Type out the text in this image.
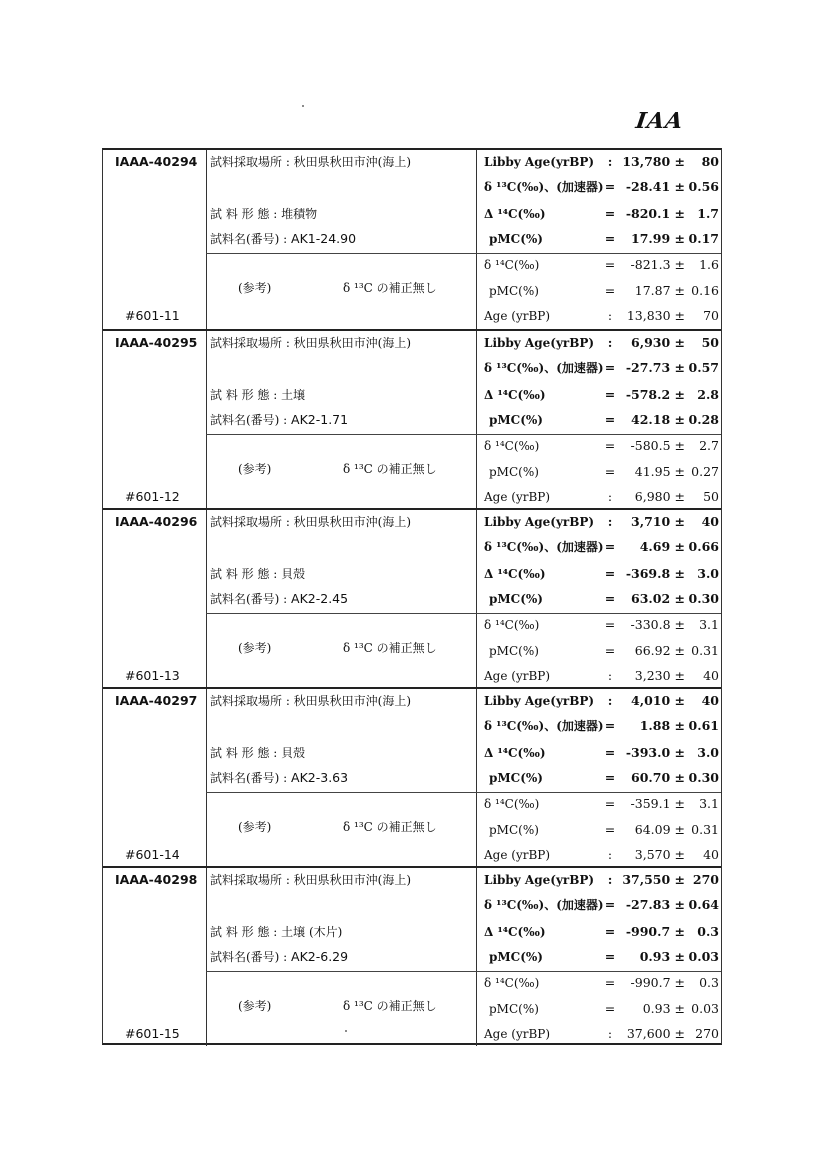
IAA
IAAA-40294
#601-11
試料採取場所 : 秋田県秋田市沖(海上)
試 料 形 態 : 堆積物
試料名(番号) : AK1-24.90
(参考)	δ ¹³C の補正無し
Libby Age(yrBP)	: 13,780 ± 80
δ ¹³C(‰)、(加速器) = -28.41 ± 0.56
Δ ¹⁴C(‰)	= -820.1 ± 1.7
pMC(%)	= 17.99 ± 0.17
δ ¹⁴C(‰)	= -821.3 ± 1.6
pMC(%)	= 17.87 ± 0.16
Age (yrBP)	:	13,830 ± 70
IAAA-40295
#601-12
試料採取場所 : 秋田県秋田市沖(海上)
試 料 形 態 : 土壌
試料名(番号) : AK2-1.71
(参考)	δ ¹³C の補正無し
Libby Age(yrBP)	:	6,930 ± 50
δ ¹³C(‰)、(加速器) = -27.73 ± 0.57
Δ ¹⁴C(‰)	= -578.2 ± 2.8
pMC(%)	= 42.18 ± 0.28
δ ¹⁴C(‰)	= -580.5 ± 2.7
pMC(%)	= 41.95 ± 0.27
Age (yrBP)	:	6,980 ± 50
IAAA-40296
#601-13
試料採取場所 : 秋田県秋田市沖(海上)
試 料 形 態 : 貝殻
試料名(番号) : AK2-2.45
(参考)	δ ¹³C の補正無し
Libby Age(yrBP)	:	3,710 ± 40
δ ¹³C(‰)、(加速器) = 4.69 ± 0.66
Δ ¹⁴C(‰)	= -369.8 ± 3.0
pMC(%)	= 63.02 ± 0.30
δ ¹⁴C(‰)	= -330.8 ± 3.1
pMC(%)	= 66.92 ± 0.31
Age (yrBP)	:	3,230 ± 40
IAAA-40297
#601-14
試料採取場所 : 秋田県秋田市沖(海上)
試 料 形 態 : 貝殻
試料名(番号) : AK2-3.63
(参考)	δ ¹³C の補正無し
Libby Age(yrBP)	:	4,010 ± 40
δ ¹³C(‰)、(加速器) = 1.88 ± 0.61
Δ ¹⁴C(‰)	= -393.0 ± 3.0
pMC(%)	= 60.70 ± 0.30
δ ¹⁴C(‰)	= -359.1 ± 3.1
pMC(%)	= 64.09 ± 0.31
Age (yrBP)	:	3,570 ± 40
IAAA-40298
#601-15
試料採取場所 : 秋田県秋田市沖(海上)
試 料 形 態 : 土壌 (木片)
試料名(番号) : AK2-6.29
(参考)	δ ¹³C の補正無し
Libby Age(yrBP)	: 37,550 ± 270
δ ¹³C(‰)、(加速器) = -27.83 ± 0.64
Δ ¹⁴C(‰)	= -990.7 ± 0.3
pMC(%)	= 0.93 ± 0.03
δ ¹⁴C(‰)	= -990.7 ± 0.3
pMC(%)	= 0.93 ± 0.03
Age (yrBP)	:	37,600 ± 270
